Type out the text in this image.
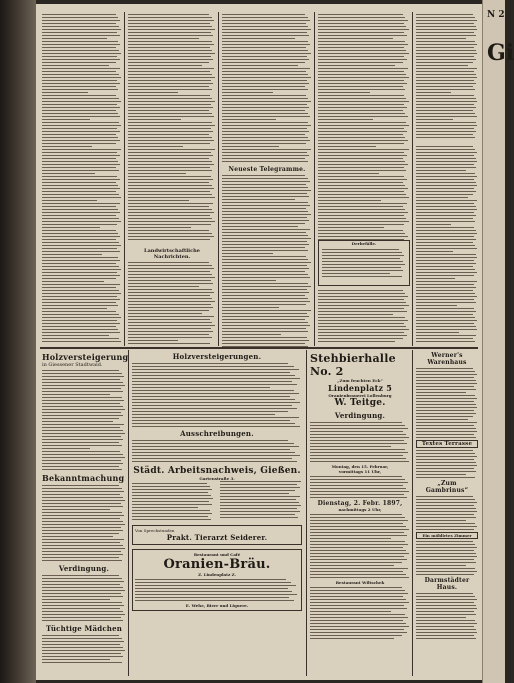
Landwirtschaftliche Nachrichten.
Neueste Telegramme.
Derbefälle.
Holzversteigerung
in Giessener Stadtwald.
Bekanntmachung
Verdingung.
Tüchtige Mädchen
Holzversteigerungen.
Ausschreibungen.
Städt. Arbeitsnachweis, Gießen.
Gartenstraße 3.
Von Sprechstunden
Prakt. Tierarzt Seiderer.
Restaurant und Café
Oranien-Bräu.
Z. Lindenplatz Z.
E. Wehe, Bierr und Liquere.
Stehbierhalle No. 2
„Zum feuchten Eck“
Lindenplatz 5
Oranienbrauerei Lollenburg
W. Teitge.
Verdingung.
Montag, den 15. Februar,
vormittags 11 Uhr,
Dienstag, 2. Febr. 1897,
nachmittags 2 Uhr,
Restaurant Wiltschek
Werner's Warenhaus
Textes Terrasse
„Zum Gambrinus“
Ein möblirtes Zimmer
Darmstädter Haus.
N 2
Gi
